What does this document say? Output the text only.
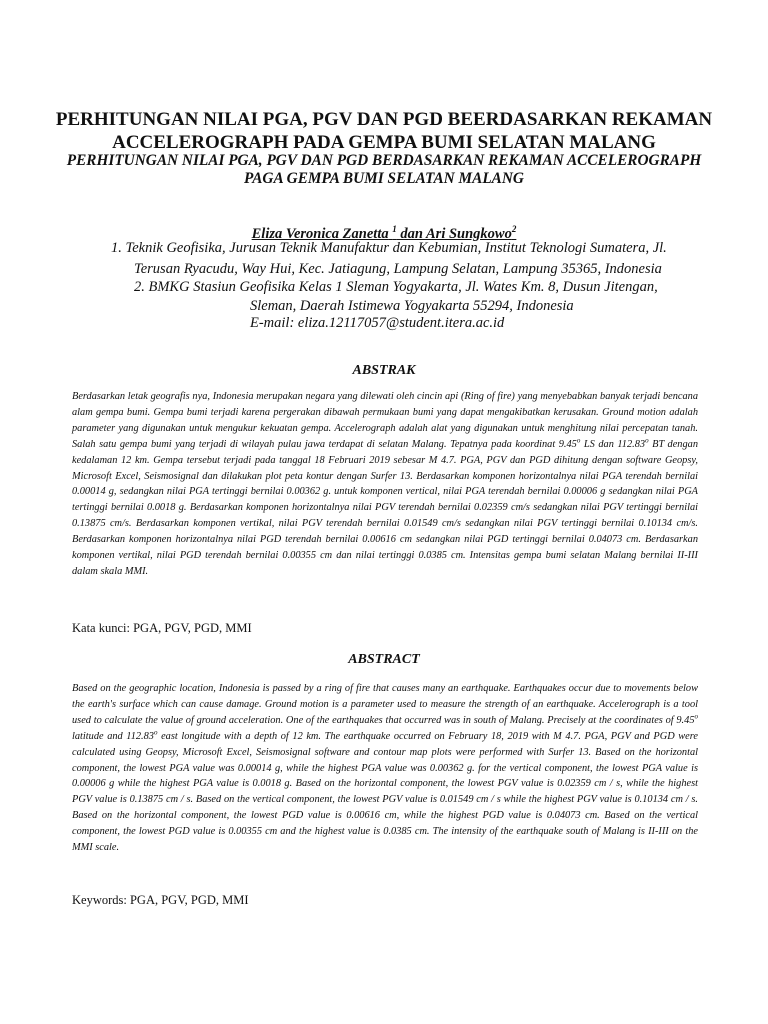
PERHITUNGAN NILAI PGA, PGV DAN PGD BEERDASARKAN REKAMAN
ACCELEROGRAPH PADA GEMPA BUMI SELATAN MALANG
PERHITUNGAN NILAI PGA, PGV DAN PGD BERDASARKAN REKAMAN ACCELEROGRAPH
PAGA GEMPA BUMI SELATAN MALANG
Eliza Veronica Zanetta $^1$ dan Ari Sungkowo$^2$
1. Teknik Geofisika, Jurusan Teknik Manufaktur dan Kebumian, Institut Teknologi Sumatera, Jl.
Terusan Ryacudu, Way Hui, Kec. Jatiagung, Lampung Selatan, Lampung 35365, Indonesia
2. BMKG Stasiun Geofisika Kelas 1 Sleman Yogyakarta, Jl. Wates Km. 8, Dusun Jitengan,
Sleman, Daerah Istimewa Yogyakarta 55294, Indonesia
E-mail: eliza.12117057@student.itera.ac.id
ABSTRAK

Berdasarkan letak geografis nya, Indonesia merupakan negara yang dilewati oleh cincin api (Ring of fire) yang menyebabkan banyak terjadi bencana alam gempa bumi. Gempa bumi terjadi karena pergerakan dibawah permukaan bumi yang dapat mengakibatkan kerusakan. Ground motion adalah parameter yang digunakan untuk mengukur kekuatan gempa. Accelerograph adalah alat yang digunakan untuk menghitung nilai percepatan tanah. Salah satu gempa bumi yang terjadi di wilayah pulau jawa terdapat di selatan Malang. Tepatnya pada koordinat 9.45$^o$ LS dan 112.83$^o$ BT dengan kedalaman 12 km. Gempa tersebut terjadi pada tanggal 18 Februari 2019 sebesar M 4.7. PGA, PGV dan PGD dihitung dengan software Geopsy, Microsoft Excel, Seismosignal dan dilakukan plot peta kontur dengan Surfer 13. Berdasarkan komponen horizontalnya nilai PGA terendah bernilai 0.00014 g, sedangkan nilai PGA tertinggi bernilai 0.00362 g. untuk komponen vertical, nilai PGA terendah bernilai 0.00006 g sedangkan nilai PGA tertinggi bernilai 0.0018 g. Berdasarkan komponen horizontalnya nilai PGV terendah bernilai 0.02359 cm/s sedangkan nilai PGV tertinggi bernilai 0.13875 cm/s. Berdasarkan komponen vertikal, nilai PGV terendah bernilai 0.01549 cm/s sedangkan nilai PGV tertinggi bernilai 0.10134 cm/s. Berdasarkan komponen horizontalnya nilai PGD terendah bernilai 0.00616 cm sedangkan nilai PGD tertinggi bernilai 0.04073 cm. Berdasarkan komponen vertikal, nilai PGD terendah bernilai 0.00355 cm dan nilai tertinggi 0.0385 cm. Intensitas gempa bumi selatan Malang bernilai II-III dalam skala MMI.

Kata kunci: PGA, PGV, PGD, MMI
ABSTRACT

Based on the geographic location, Indonesia is passed by a ring of fire that causes many an earthquake. Earthquakes occur due to movements below the earth's surface which can cause damage. Ground motion is a parameter used to measure the strength of an earthquake. Accelerograph is a tool used to calculate the value of ground acceleration. One of the earthquakes that occurred was in south of Malang. Precisely at the coordinates of 9.45$^o$ latitude and 112.83$^o$ east longitude with a depth of 12 km. The earthquake occurred on February 18, 2019 with M 4.7. PGA, PGV and PGD were calculated using Geopsy, Microsoft Excel, Seismosignal software and contour map plots were performed with Surfer 13. Based on the horizontal component, the lowest PGA value was 0.00014 g, while the highest PGA value was 0.00362 g. for the vertical component, the lowest PGA value is 0.00006 g while the highest PGA value is 0.0018 g. Based on the horizontal component, the lowest PGV value is 0.02359 cm / s, while the highest PGV value is 0.13875 cm / s. Based on the vertical component, the lowest PGV value is 0.01549 cm / s while the highest PGV value is 0.10134 cm / s. Based on the horizontal component, the lowest PGD value is 0.00616 cm, while the highest PGD value is 0.04073 cm. Based on the vertical component, the lowest PGD value is 0.00355 cm and the highest value is 0.0385 cm. The intensity of the earthquake south of Malang is II-III on the MMI scale.

Keywords: PGA, PGV, PGD, MMI
